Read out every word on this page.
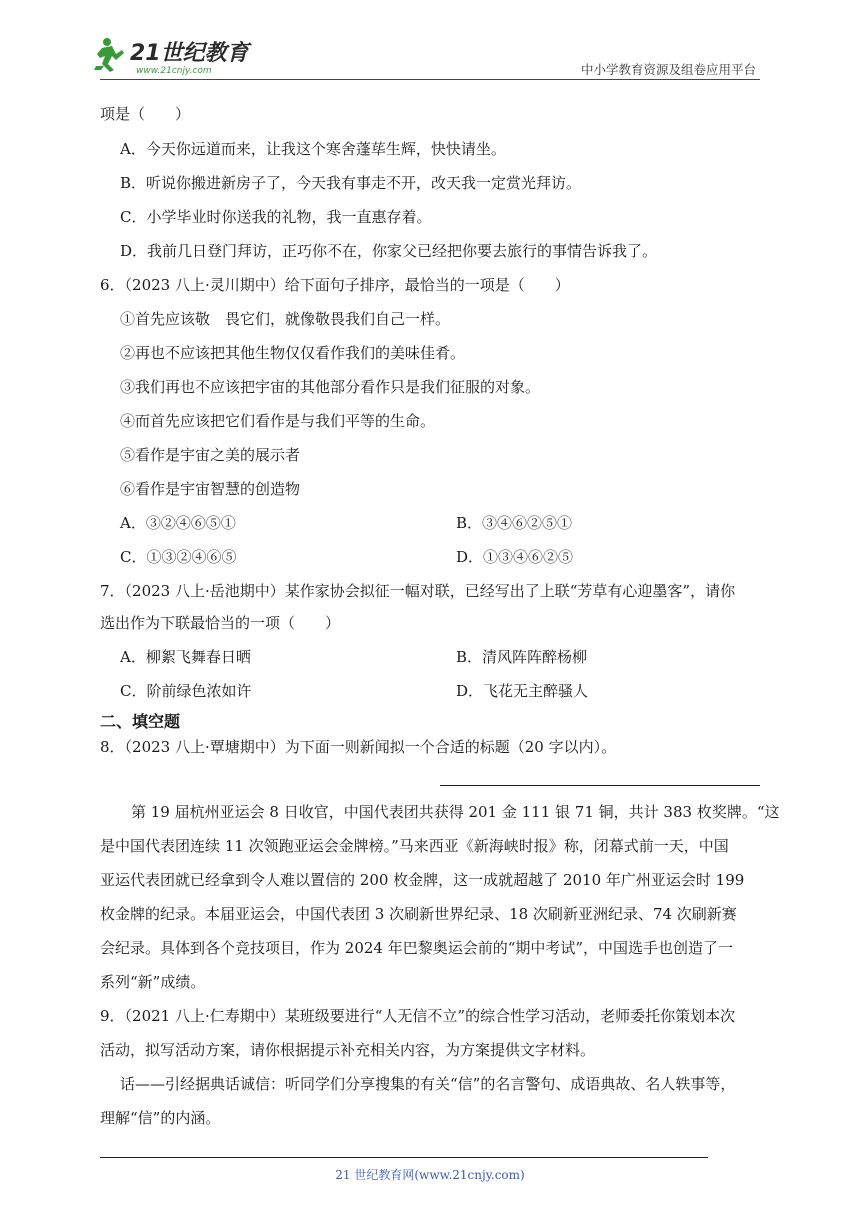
21世纪教育
www.21cnjy.com	中小学教育资源及组卷应用平台
项是（　　）
A．今天你远道而来，让我这个寒舍蓬荜生辉，快快请坐。
B．听说你搬进新房子了，今天我有事走不开，改天我一定赏光拜访。
C．小学毕业时你送我的礼物，我一直惠存着。
D．我前几日登门拜访，正巧你不在，你家父已经把你要去旅行的事情告诉我了。
6．（2023 八上·灵川期中）给下面句子排序，最恰当的一项是（　　）
①首先应该敬　畏它们，就像敬畏我们自己一样。
②再也不应该把其他生物仅仅看作我们的美味佳肴。
③我们再也不应该把宇宙的其他部分看作只是我们征服的对象。
④而首先应该把它们看作是与我们平等的生命。
⑤看作是宇宙之美的展示者
⑥看作是宇宙智慧的创造物
A．③②④⑥⑤①	B．③④⑥②⑤①
C．①③②④⑥⑤	D．①③④⑥②⑤
7．（2023 八上·岳池期中）某作家协会拟征一幅对联，已经写出了上联“芳草有心迎墨客”，请你
选出作为下联最恰当的一项（　　）
A．柳絮飞舞春日晒	B．清风阵阵醉杨柳
C．阶前绿色浓如许	D．飞花无主醉骚人
二、填空题
8．（2023 八上·覃塘期中）为下面一则新闻拟一个合适的标题（20 字以内）。
第 19 届杭州亚运会 8 日收官，中国代表团共获得 201 金 111 银 71 铜，共计 383 枚奖牌。“这
是中国代表团连续 11 次领跑亚运会金牌榜。”马来西亚《新海峡时报》称，闭幕式前一天，中国
亚运代表团就已经拿到令人难以置信的 200 枚金牌，这一成就超越了 2010 年广州亚运会时 199
枚金牌的纪录。本届亚运会，中国代表团 3 次刷新世界纪录、18 次刷新亚洲纪录、74 次刷新赛
会纪录。具体到各个竞技项目，作为 2024 年巴黎奥运会前的“期中考试”，中国选手也创造了一
系列“新”成绩。
9．（2021 八上·仁寿期中）某班级要进行“人无信不立”的综合性学习活动，老师委托你策划本次
活动，拟写活动方案，请你根据提示补充相关内容，为方案提供文字材料。
话——引经据典话诚信：听同学们分享搜集的有关“信”的名言警句、成语典故、名人轶事等，
理解“信”的内涵。
21 世纪教育网(www.21cnjy.com)
